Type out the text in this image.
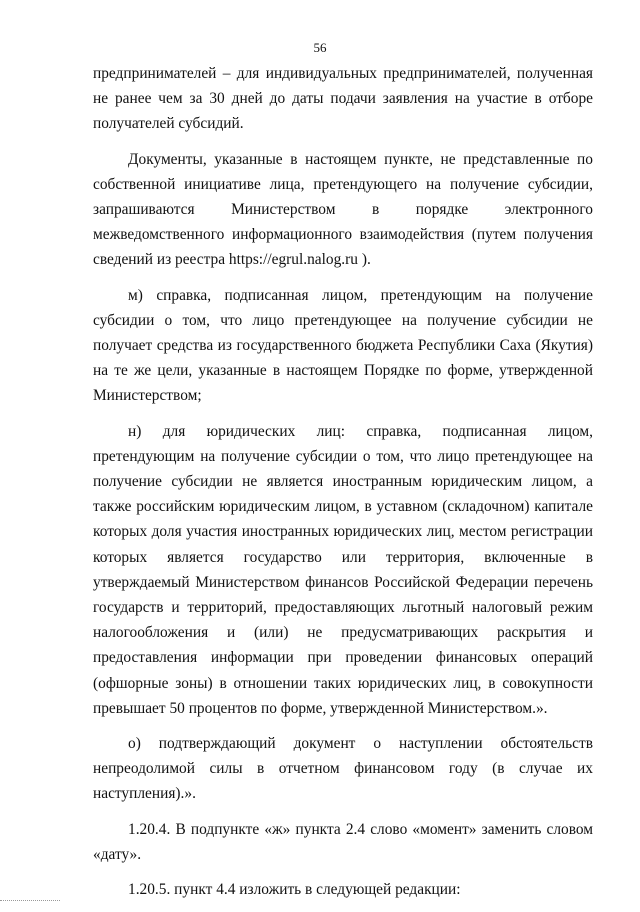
56

предпринимателей – для индивидуальных предпринимателей, полученная не ранее чем за 30 дней до даты подачи заявления на участие в отборе получателей субсидий.

Документы, указанные в настоящем пункте, не представленные по собственной инициативе лица, претендующего на получение субсидии, запрашиваются Министерством в порядке электронного межведомственного информационного взаимодействия (путем получения сведений из реестра https://egrul.nalog.ru ).

м) справка, подписанная лицом, претендующим на получение субсидии о том, что лицо претендующее на получение субсидии не получает средства из государственного бюджета Республики Саха (Якутия) на те же цели, указанные в настоящем Порядке по форме, утвержденной Министерством;

н) для юридических лиц: справка, подписанная лицом, претендующим на получение субсидии о том, что лицо претендующее на получение субсидии не является иностранным юридическим лицом, а также российским юридическим лицом, в уставном (складочном) капитале которых доля участия иностранных юридических лиц, местом регистрации которых является государство или территория, включенные в утверждаемый Министерством финансов Российской Федерации перечень государств и территорий, предоставляющих льготный налоговый режим налогообложения и (или) не предусматривающих раскрытия и предоставления информации при проведении финансовых операций (офшорные зоны) в отношении таких юридических лиц, в совокупности превышает 50 процентов по форме, утвержденной Министерством.».

о) подтверждающий документ о наступлении обстоятельств непреодолимой силы в отчетном финансовом году (в случае их наступления).».

1.20.4. В подпункте «ж» пункта 2.4 слово «момент» заменить словом «дату».

1.20.5. пункт 4.4 изложить в следующей редакции:
